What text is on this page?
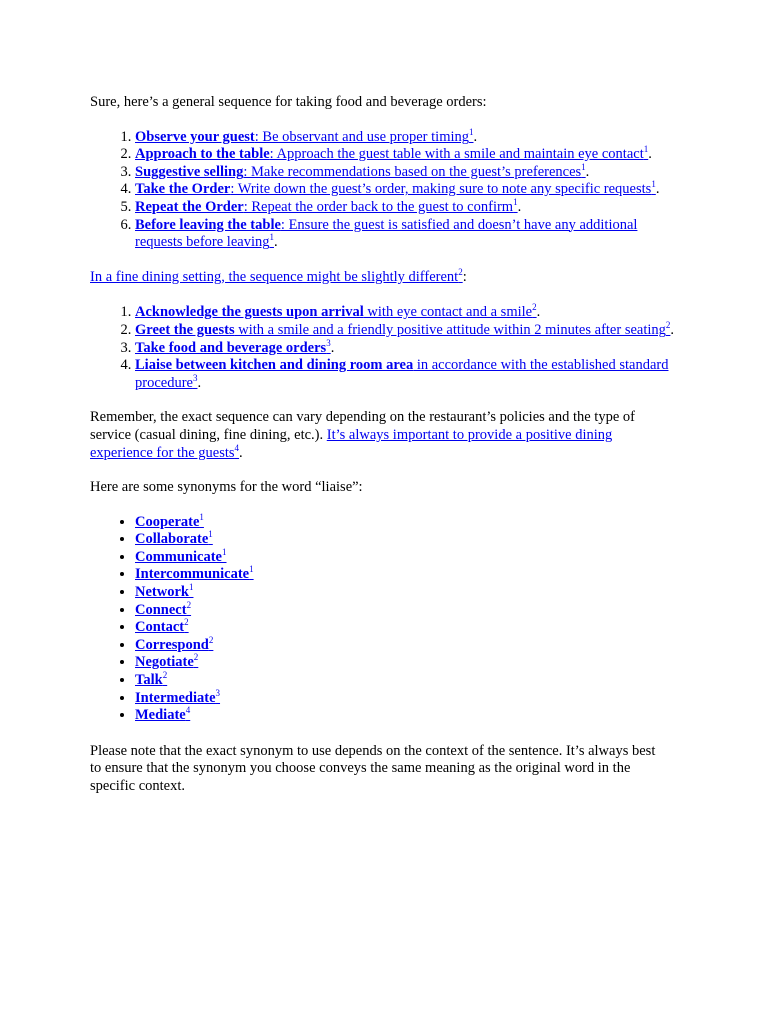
Sure, here’s a general sequence for taking food and beverage orders:

1. Observe your guest: Be observant and use proper timing$^1$.
2. Approach to the table: Approach the guest table with a smile and maintain eye contact$^1$.
3. Suggestive selling: Make recommendations based on the guest’s preferences$^1$.
4. Take the Order: Write down the guest’s order, making sure to note any specific requests$^1$.
5. Repeat the Order: Repeat the order back to the guest to confirm$^1$.
6. Before leaving the table: Ensure the guest is satisfied and doesn’t have any additional requests before leaving$^1$.

In a fine dining setting, the sequence might be slightly different$^2$:

1. Acknowledge the guests upon arrival with eye contact and a smile$^2$.
2. Greet the guests with a smile and a friendly positive attitude within 2 minutes after seating$^2$.
3. Take food and beverage orders$^3$.
4. Liaise between kitchen and dining room area in accordance with the established standard procedure$^3$.

Remember, the exact sequence can vary depending on the restaurant’s policies and the type of service (casual dining, fine dining, etc.). It’s always important to provide a positive dining experience for the guests$^4$.

Here are some synonyms for the word “liaise”:

• Cooperate$^1$
• Collaborate$^1$
• Communicate$^1$
• Intercommunicate$^1$
• Network$^1$
• Connect$^2$
• Contact$^2$
• Correspond$^2$
• Negotiate$^2$
• Talk$^2$
• Intermediate$^3$
• Mediate$^4$

Please note that the exact synonym to use depends on the context of the sentence. It’s always best to ensure that the synonym you choose conveys the same meaning as the original word in the specific context.
